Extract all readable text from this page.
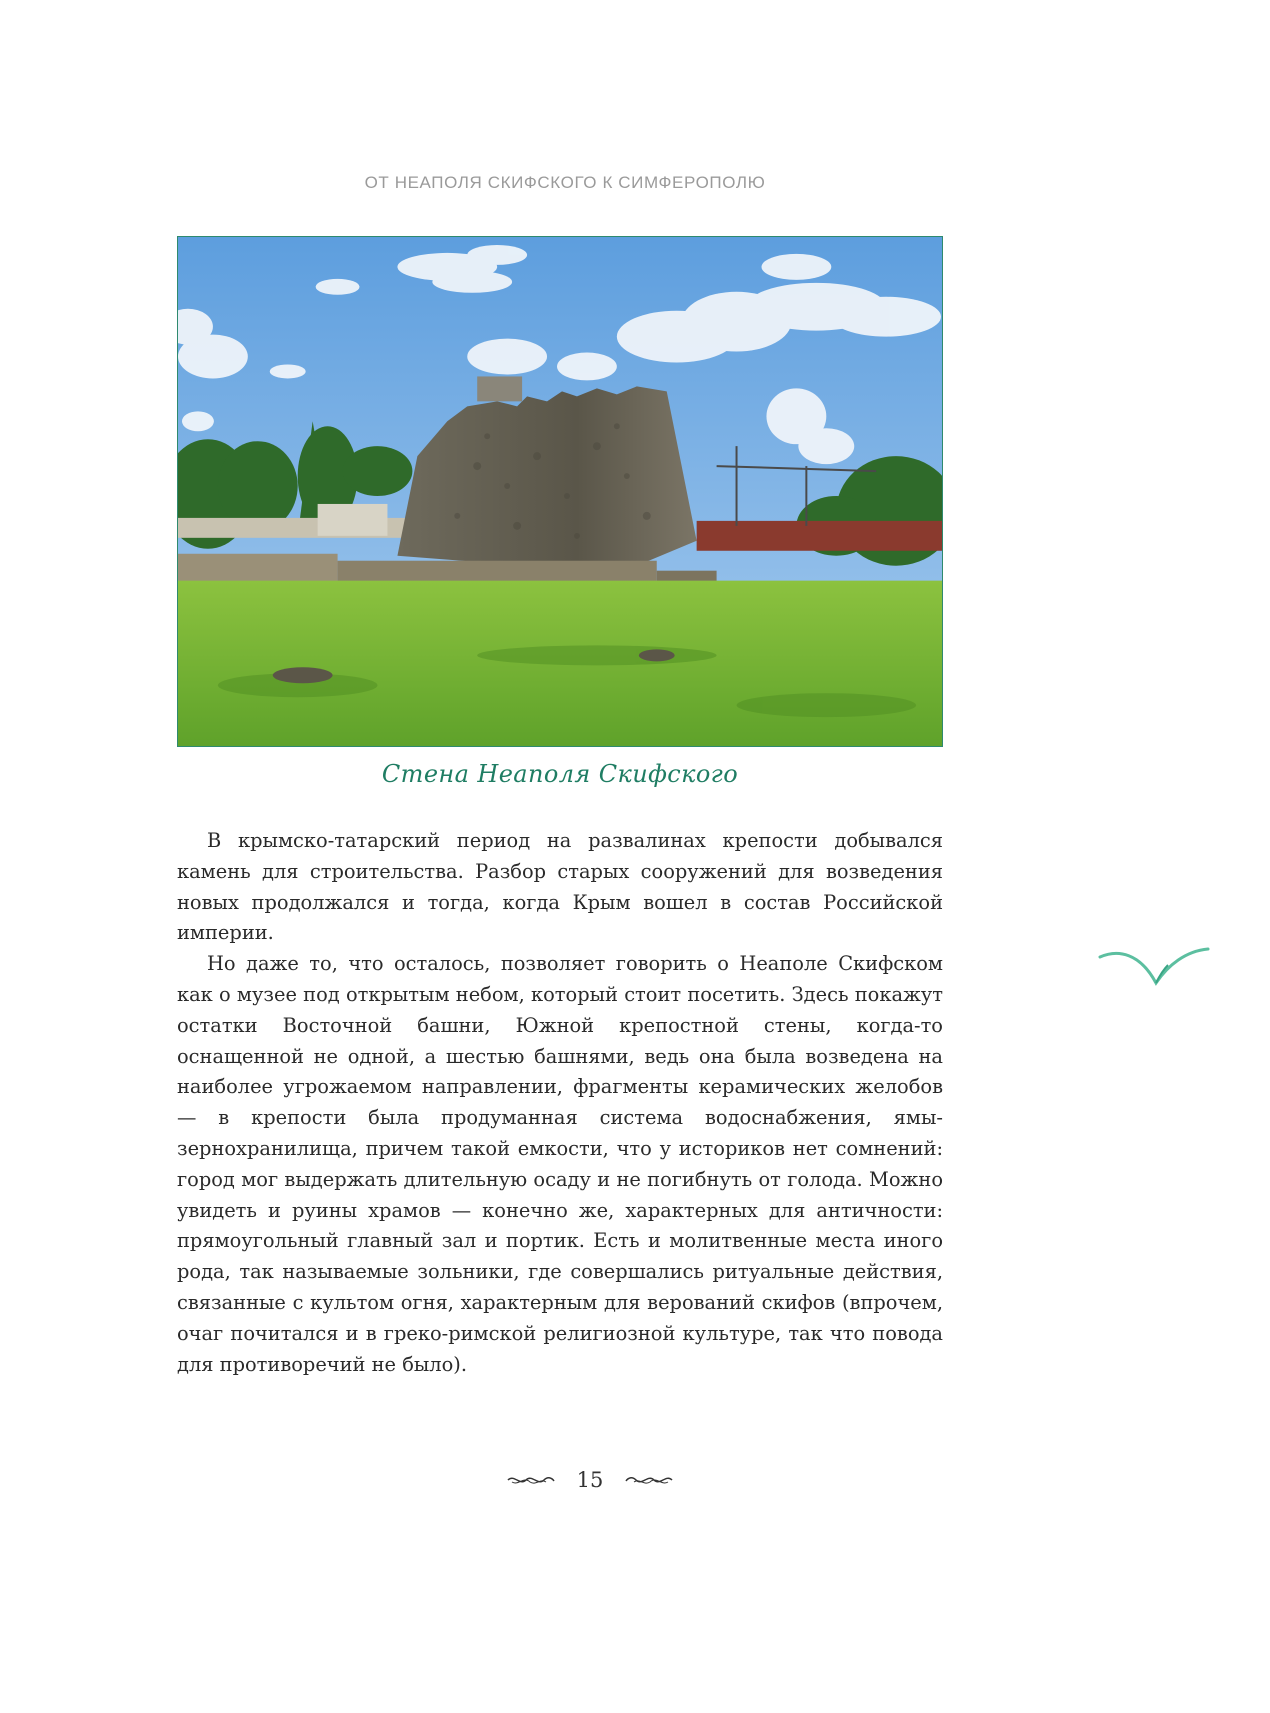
ОТ НЕАПОЛЯ СКИФСКОГО К СИМФЕРОПОЛЮ
Стена Неаполя Скифского

В крымско-татарский период на развалинах крепости добывался камень для строительства. Разбор старых сооружений для возведения новых продолжался и тогда, когда Крым вошел в состав Российской империи.

Но даже то, что осталось, позволяет говорить о Неаполе Скифском как о музее под открытым небом, который стоит посетить. Здесь покажут остатки Восточной башни, Южной крепостной стены, когда-то оснащенной не одной, а шестью башнями, ведь она была возведена на наиболее угрожаемом направлении, фрагменты керамических желобов — в крепости была продуманная система водоснабжения, ямы-зернохранилища, причем такой емкости, что у историков нет сомнений: город мог выдержать длительную осаду и не погибнуть от голода. Можно увидеть и руины храмов — конечно же, характерных для античности: прямоугольный главный зал и портик. Есть и молитвенные места иного рода, так называемые зольники, где совершались ритуальные действия, связанные с культом огня, характерным для верований скифов (впрочем, очаг почитался и в греко-римской религиозной культуре, так что повода для противоречий не было).

15
